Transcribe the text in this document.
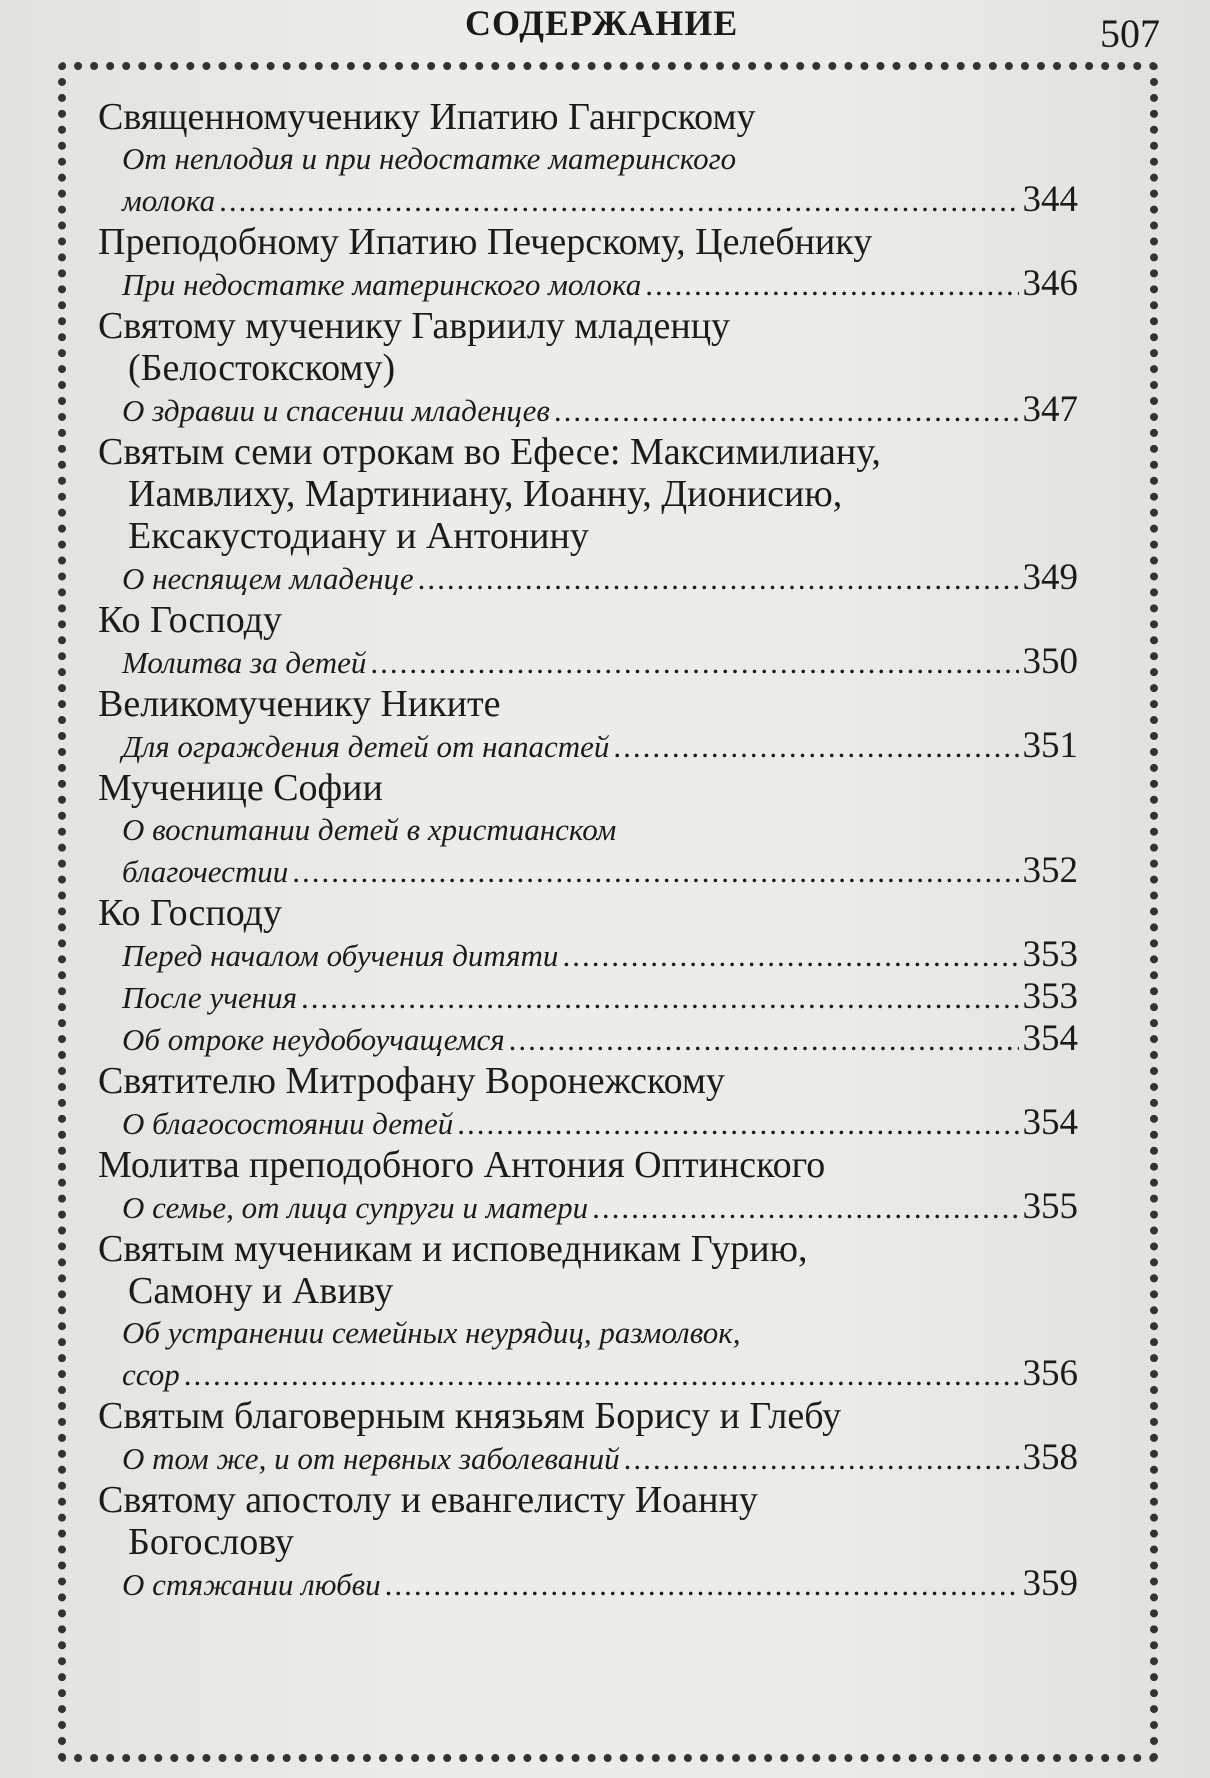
СОДЕРЖАНИЕ	507
Священномученику Ипатию Гангрскому
От неплодия и при недостатке материнского
молока .....	344
Преподобному Ипатию Печерскому, Целебнику
При недостатке материнского молока .....	346
Святому мученику Гавриилу младенцу
(Белостокскому)
О здравии и спасении младенцев .....	347
Святым семи отрокам во Ефесе: Максимилиану,
Иамвлиху, Мартиниану, Иоанну, Дионисию,
Ексакустодиану и Антонину
О неспящем младенце .....	349
Ко Господу
Молитва за детей .....	350
Великомученику Никите
Для ограждения детей от напастей .....	351
Мученице Софии
О воспитании детей в христианском
благочестии .....	352
Ко Господу
Перед началом обучения дитяти .....	353
После учения .....	353
Об отроке неудобоучащемся .....	354
Святителю Митрофану Воронежскому
О благосостоянии детей .....	354
Молитва преподобного Антония Оптинского
О семье, от лица супруги и матери .....	355
Святым мученикам и исповедникам Гурию,
Самону и Авиву
Об устранении семейных неурядиц, размолвок,
ссор .....	356
Святым благоверным князьям Борису и Глебу
О том же, и от нервных заболеваний .....	358
Святому апостолу и евангелисту Иоанну
Богослову
О стяжании любви .....	359
